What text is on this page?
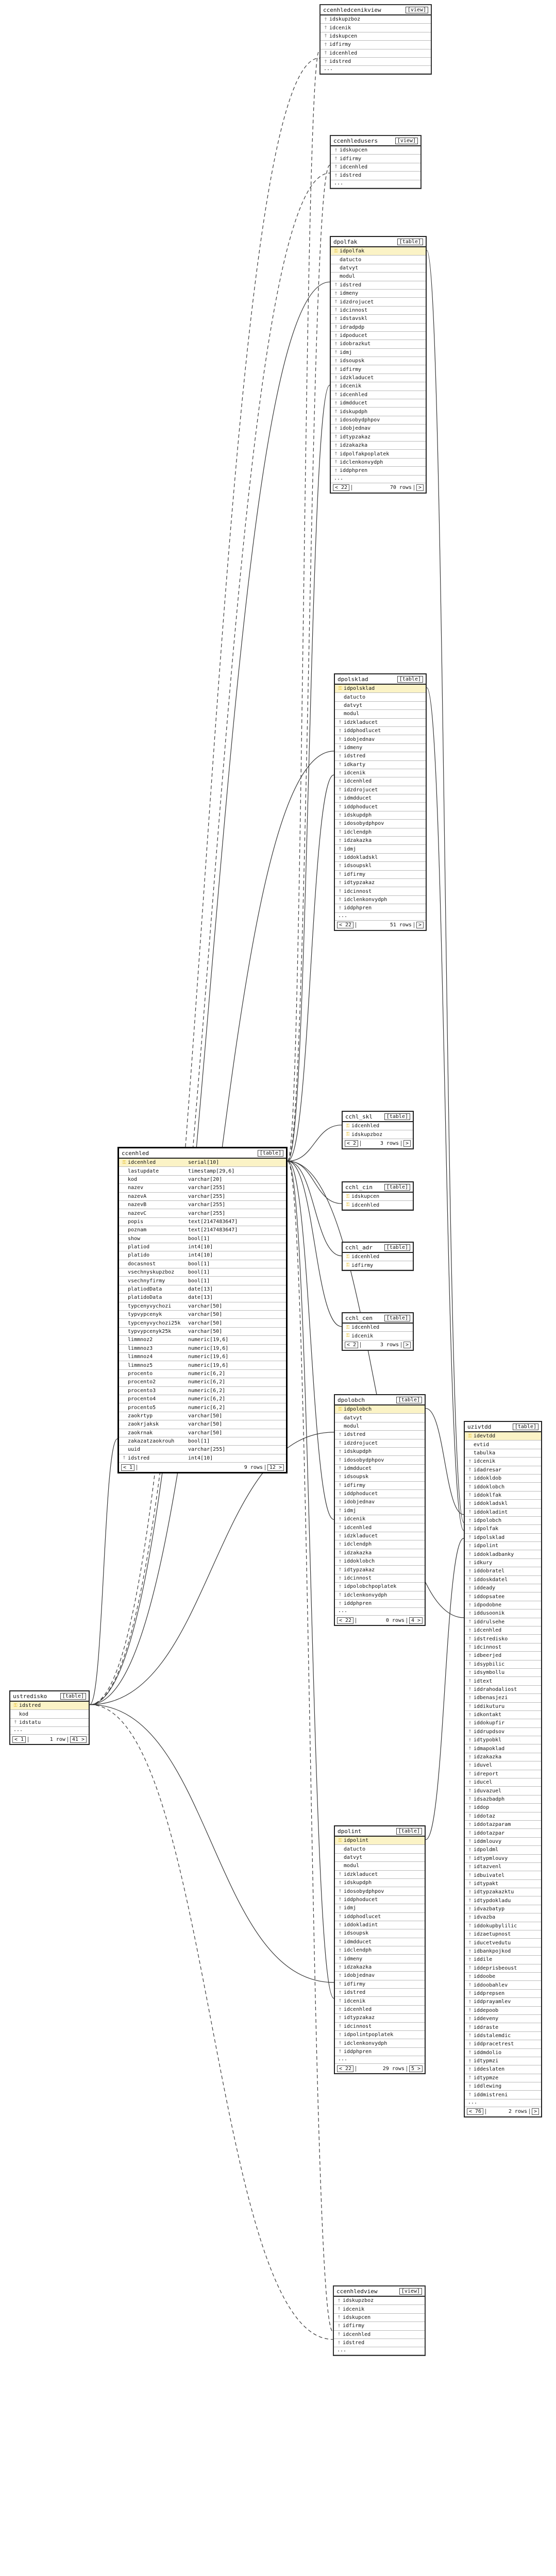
ccenhledcenikview	[view]
† idskupzboz
† idcenik
† idskupcen
† idfirmy
† idcenhled
† idstred
...
ccenhledusers	[view]
† idskupcen
† idfirmy
† idcenhled
† idstred
...
dpolfak	[table]
⚿ idpolfak
datucto
datvyt
modul
† idstred
† idmeny
† idzdrojucet
† idcinnost
† idstavskl
† idradpdp
† idpoducet
† idobrazkut
† idmj
† idsoupsk
† idfirmy
† idzkladucet
† idcenik
† idcenhled
† idmdducet
† idskupdph
† idosobydphpov
† idobjednav
† idtypzakaz
† idzakazka
† idpolfakpoplatek
† idclenkonvydph
† iddphpren
...
< 22	70 rows	>
dpolsklad	[table]
⚿ idpolsklad
datucto
datvyt
modul
† idzkladucet
† iddphodlucet
† idobjednav
† idmeny
† idstred
† idkarty
† idcenik
† idcenhled
† idzdrojucet
† idmdducet
† iddphoducet
† idskupdph
† idosobydphpov
† idclendph
† idzakazka
† idmj
† iddokladskl
† idsoupskl
† idfirmy
† idtypzakaz
† idcinnost
† idclenkonvydph
† iddphpren
...
< 22	51 rows	>
cchl_skl	[table]
⚿ idcenhled
⚿ idskupzboz
< 2	3 rows	>
cchl_cin	[table]
⚿ idskupcen
⚿ idcenhled
cchl_adr	[table]
⚿ idcenhled
⚿ idfirmy
cchl_cen	[table]
⚿ idcenhled
⚿ idcenik
< 2	3 rows	>
ccenhled	[table]
⚿ idcenhled	serial[10]
lastupdate	timestamp[29,6]
kod	varchar[20]
nazev	varchar[255]
nazevA	varchar[255]
nazevB	varchar[255]
nazevC	varchar[255]
popis	text[2147483647]
poznam	text[2147483647]
show	bool[1]
platiod	int4[10]
platido	int4[10]
docasnost	bool[1]
vsechnyskupzboz	bool[1]
vsechnyfirmy	bool[1]
platiodData	date[13]
platidoData	date[13]
typcenyvychozi	varchar[50]
typvypcenyk	varchar[50]
typcenyvychozi25k	varchar[50]
typvypcenyk25k	varchar[50]
limmnoz2	numeric[19,6]
limmnoz3	numeric[19,6]
limmnoz4	numeric[19,6]
limmnoz5	numeric[19,6]
procento	numeric[6,2]
procento2	numeric[6,2]
procento3	numeric[6,2]
procento4	numeric[6,2]
procento5	numeric[6,2]
zaokrtyp	varchar[50]
zaokrjaksk	varchar[50]
zaokrnak	varchar[50]
zakazatzaokrouh	bool[1]
uuid	varchar[255]
† idstred	int4[10]
< 1	9 rows	12 >
ustredisko	[table]
⚿ idstred
kod
† idstatu
...
< 1	1 row	41 >
dpolobch	[table]
⚿ idpolobch
datvyt
modul
† idstred
† idzdrojucet
† idskupdph
† idosobydphpov
† idmdducet
† idsoupsk
† idfirmy
† iddphoducet
† idobjednav
† idmj
† idcenik
† idcenhled
† idzkladucet
† idclendph
† idzakazka
† iddoklobch
† idtypzakaz
† idcinnost
† idpolobchpoplatek
† idclenkonvydph
† iddphpren
...
< 22	0 rows	4 >
dpolint	[table]
⚿ idpolint
datucto
datvyt
modul
† idzkladucet
† idskupdph
† idosobydphpov
† iddphoducet
† idmj
† iddphodlucet
† iddokladint
† idsoupsk
† idmdducet
† idclendph
† idmeny
† idzakazka
† idobjednav
† idfirmy
† idstred
† idcenik
† idcenhled
† idtypzakaz
† idcinnost
† idpolintpoplatek
† idclenkonvydph
† iddphpren
...
< 22	29 rows	5 >
ccenhledview	[view]
† idskupzboz
† idcenik
† idskupcen
† idfirmy
† idcenhled
† idstred
...
uzivtdd	[table]
⚿ idevtdd
evtid
tabulka
† idcenik
† idadresar
† iddokldob
† iddoklobch
† iddoklfak
† iddokladskl
† iddokladint
† idpolobch
† idpolfak
† idpolsklad
† idpolint
† iddokladbanky
† idkury
† iddobratel
† iddoskdatel
† iddeady
† iddopsatee
† idpodobne
† iddusoonik
† iddrulsehe
† idcenhled
† idstredisko
† idcinnost
† idbeerjed
† idsypbilic
† idsymbollu
† idtext
† iddrahodaliost
† idbenasjezi
† iddikuturu
† idkontakt
† iddokupfir
† iddrupdsov
† idtypobkl
† idmapoklad
† idzakazka
† iduvel
† idreport
† iducel
† iduvazuel
† idsazbadph
† iddop
† iddotaz
† iddotazparam
† iddotazpar
† iddmlouvy
† idpoldml
† idtypmlouvy
† idtazvenl
† idbuivatel
† idtypakt
† idtypzakazktu
† idtypdokladu
† idvazbatyp
† idvazba
† iddokupbylilic
† idzaetupnost
† iducetvedutu
† idbankpojkod
† iddile
† iddeprisbeoust
† iddoobe
† iddoobahlev
† iddprepsen
† iddprayamlev
† iddepoob
† iddeveny
† iddraste
† iddstalemdic
† iddpracetrest
† iddmdolio
† idtypmzi
† iddeslaten
† idtypmze
† iddlewing
† iddmistreni
...
< 76	2 rows	>
